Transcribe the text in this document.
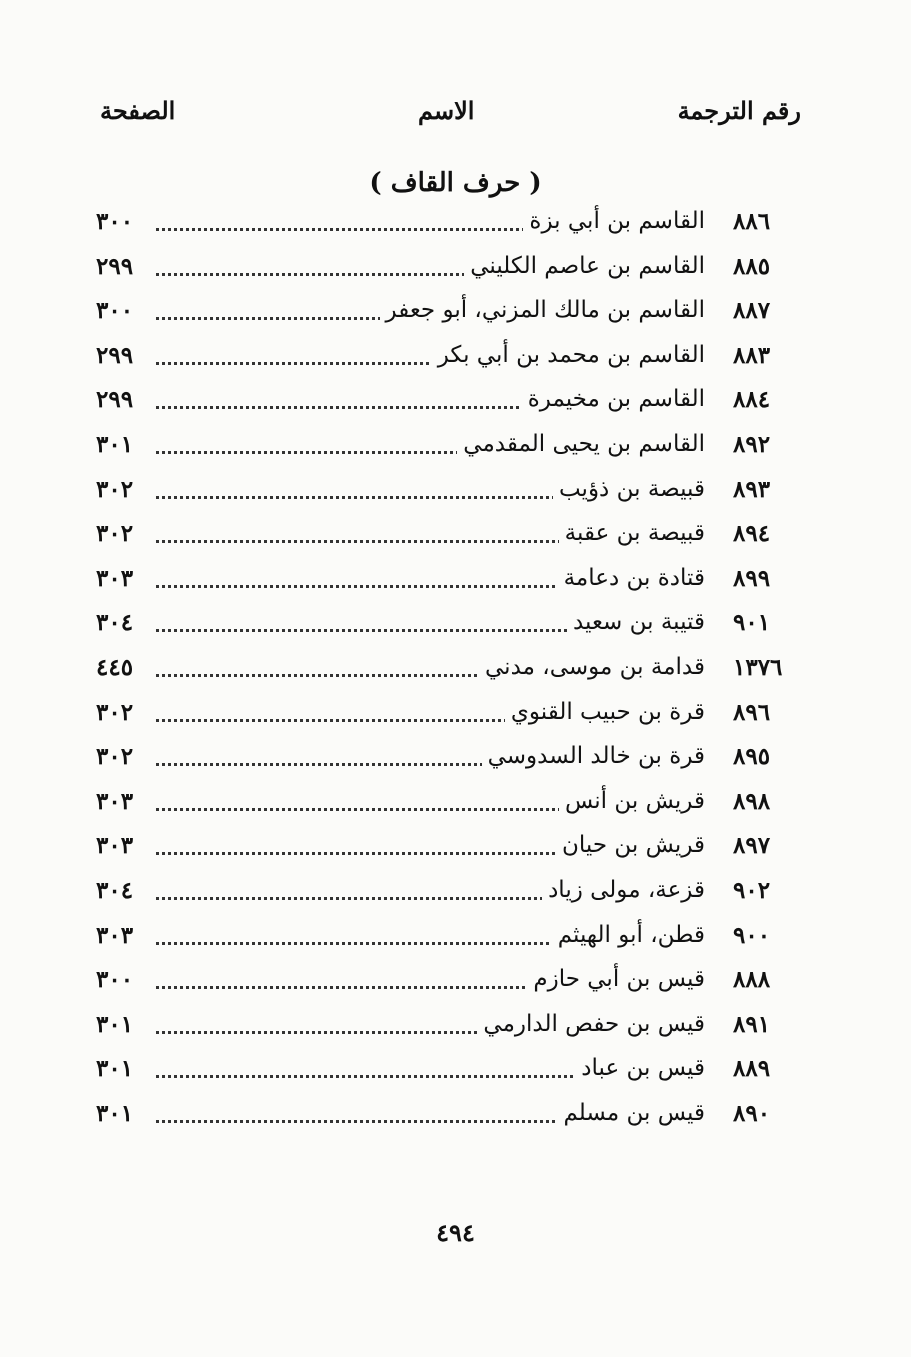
رقم الترجمة
الاسم
الصفحة
( حرف القاف )
٨٨٦
القاسم بن أبي بزة
٣٠٠
٨٨٥
القاسم بن عاصم الكليني
٢٩٩
٨٨٧
القاسم بن مالك المزني، أبو جعفر
٣٠٠
٨٨٣
القاسم بن محمد بن أبي بكر
٢٩٩
٨٨٤
القاسم بن مخيمرة
٢٩٩
٨٩٢
القاسم بن يحيى المقدمي
٣٠١
٨٩٣
قبيصة بن ذؤيب
٣٠٢
٨٩٤
قبيصة بن عقبة
٣٠٢
٨٩٩
قتادة بن دعامة
٣٠٣
٩٠١
قتيبة بن سعيد
٣٠٤
١٣٧٦
قدامة بن موسى، مدني
٤٤٥
٨٩٦
قرة بن حبيب القنوي
٣٠٢
٨٩٥
قرة بن خالد السدوسي
٣٠٢
٨٩٨
قريش بن أنس
٣٠٣
٨٩٧
قريش بن حيان
٣٠٣
٩٠٢
قزعة، مولى زياد
٣٠٤
٩٠٠
قطن، أبو الهيثم
٣٠٣
٨٨٨
قيس بن أبي حازم
٣٠٠
٨٩١
قيس بن حفص الدارمي
٣٠١
٨٨٩
قيس بن عباد
٣٠١
٨٩٠
قيس بن مسلم
٣٠١
٤٩٤
